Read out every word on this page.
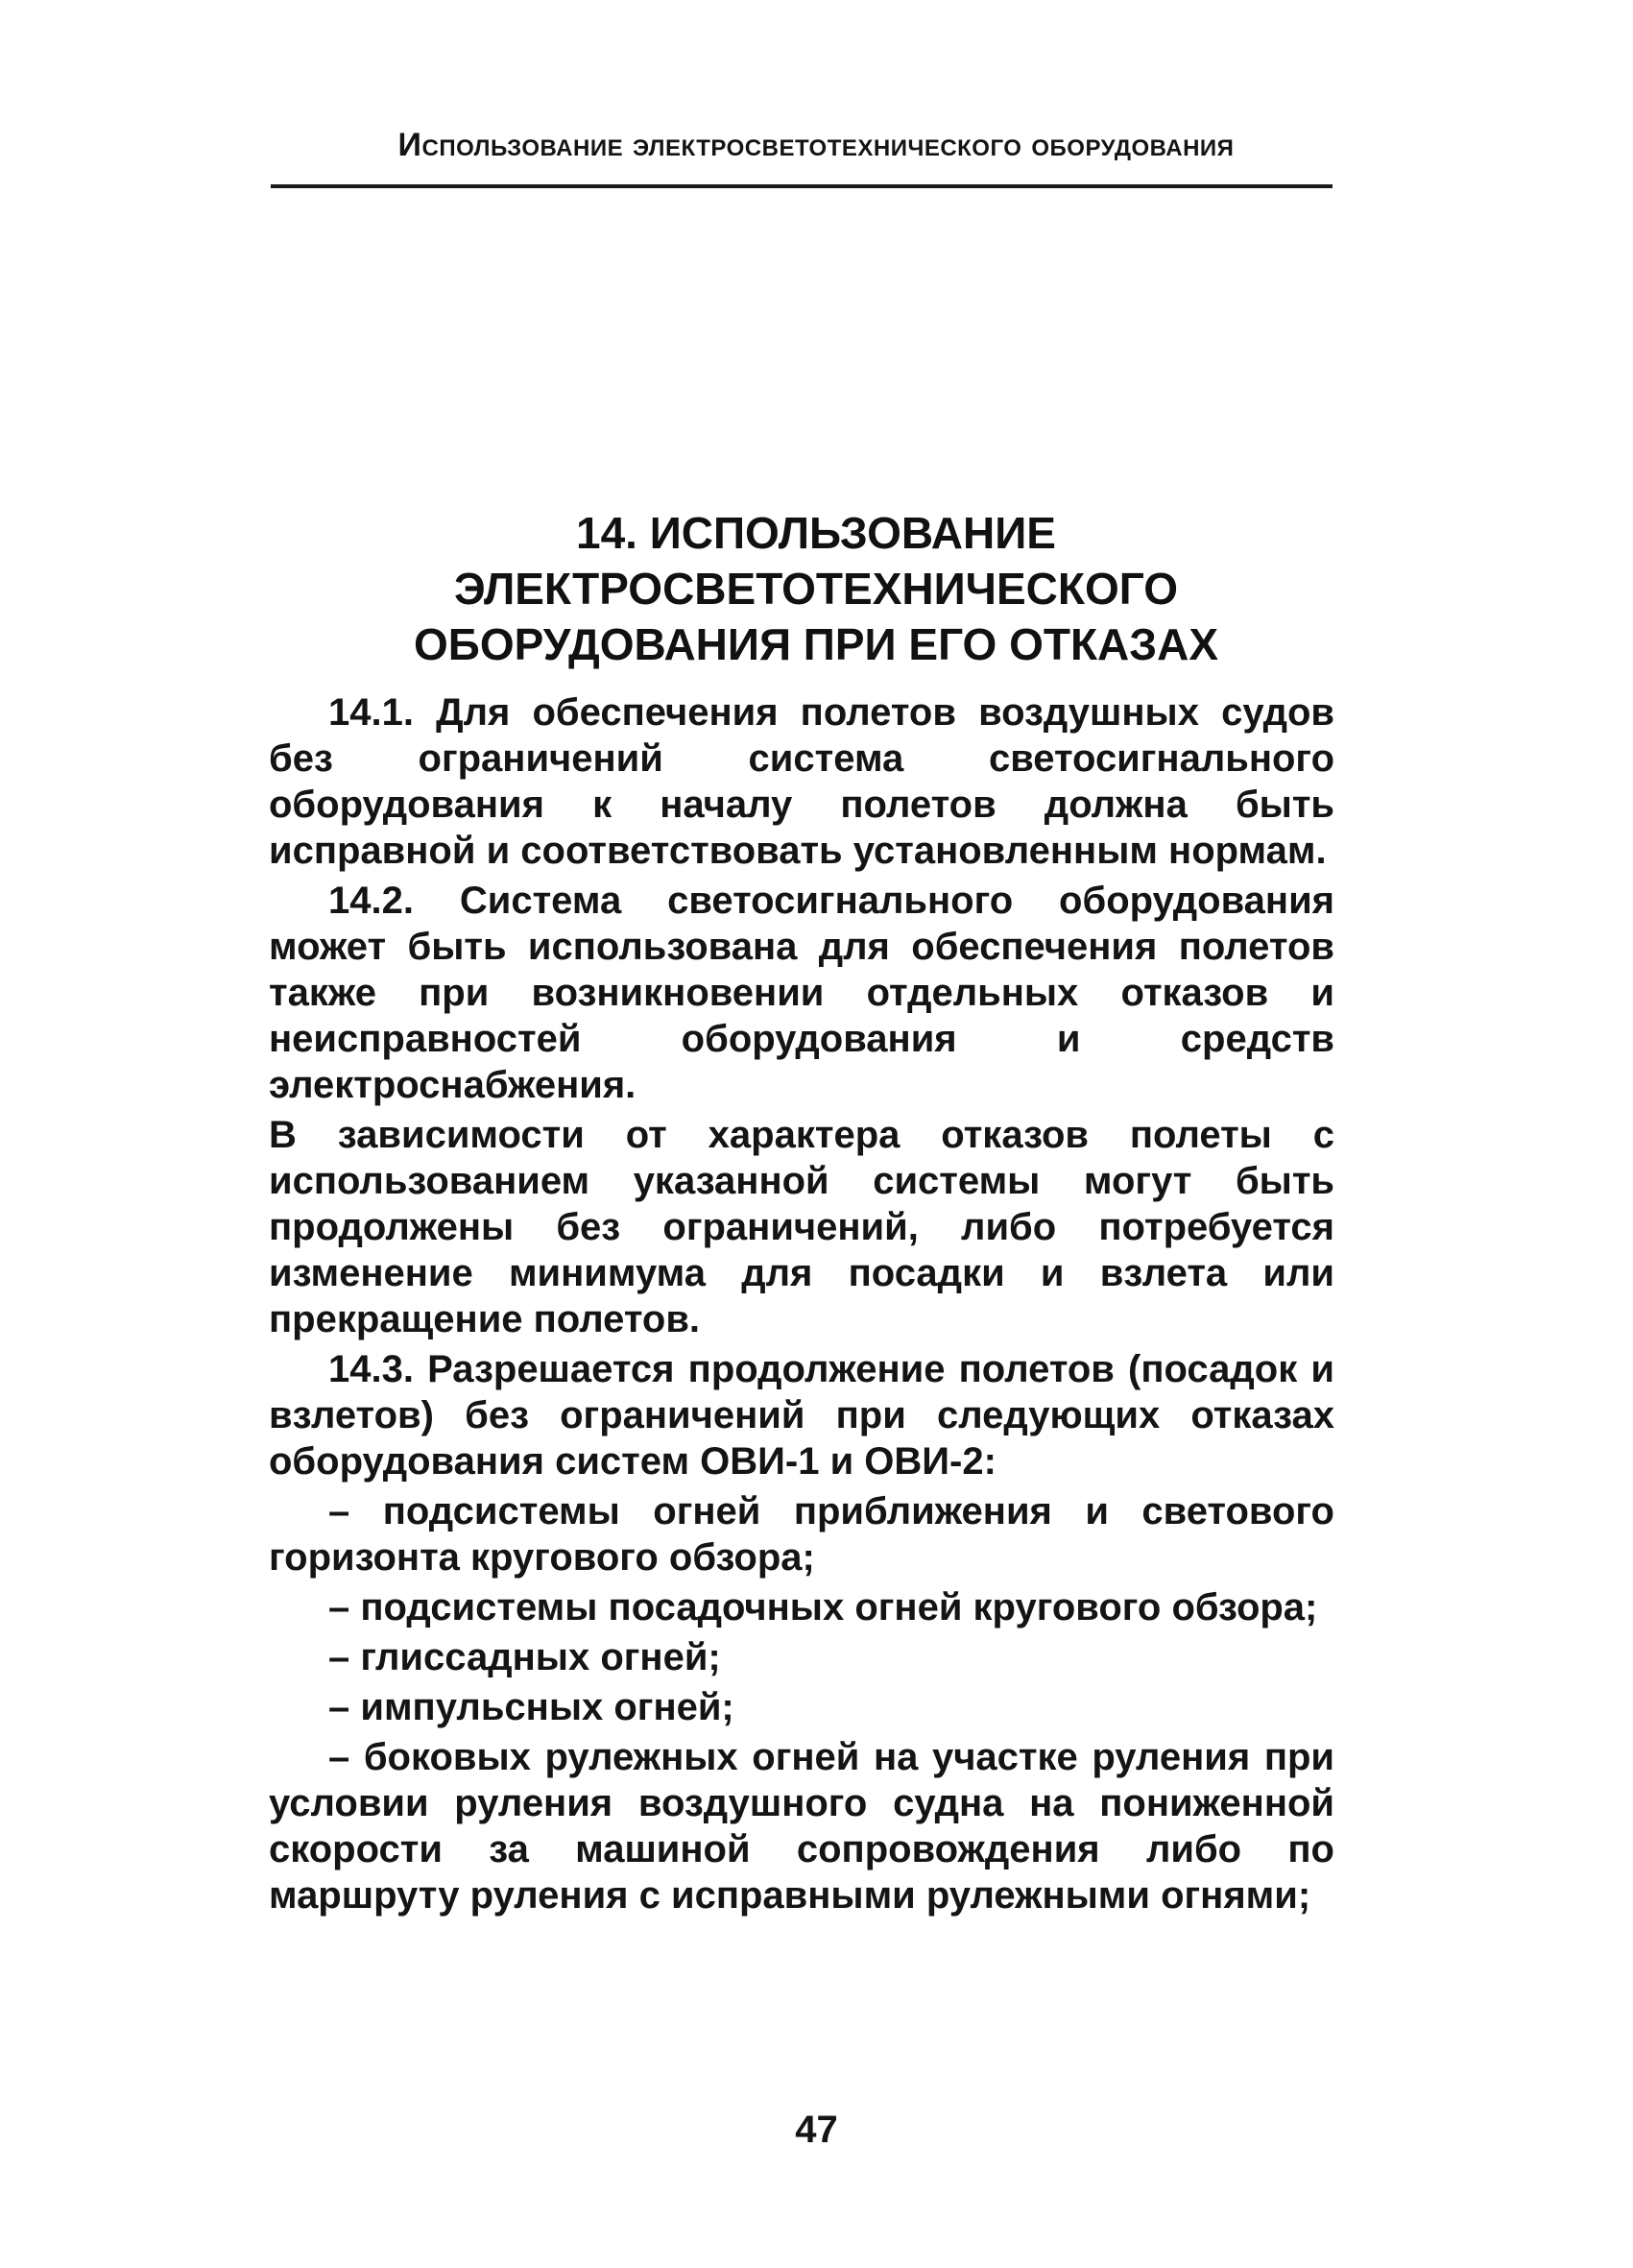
Использование электросветотехнического оборудования
14. ИСПОЛЬЗОВАНИЕ
ЭЛЕКТРОСВЕТОТЕХНИЧЕСКОГО
ОБОРУДОВАНИЯ ПРИ ЕГО ОТКАЗАХ

14.1. Для обеспечения полетов воздушных судов без ограничений система светосигнального оборудования к началу полетов должна быть исправной и соответствовать установленным нормам.

14.2. Система светосигнального оборудования может быть использована для обеспечения полетов также при возникновении отдельных отказов и неисправностей оборудования и средств электроснабжения.

В зависимости от характера отказов полеты с использованием указанной системы могут быть продолжены без ограничений, либо потребуется изменение минимума для посадки и взлета или прекращение полетов.

14.3. Разрешается продолжение полетов (посадок и взлетов) без ограничений при следующих отказах оборудования систем ОВИ-1 и ОВИ-2:

– подсистемы огней приближения и светового горизонта кругового обзора;

– подсистемы посадочных огней кругового обзора;

– глиссадных огней;

– импульсных огней;

– боковых рулежных огней на участке руления при условии руления воздушного судна на пониженной скорости за машиной сопровождения либо по маршруту руления с исправными рулежными огнями;

47
